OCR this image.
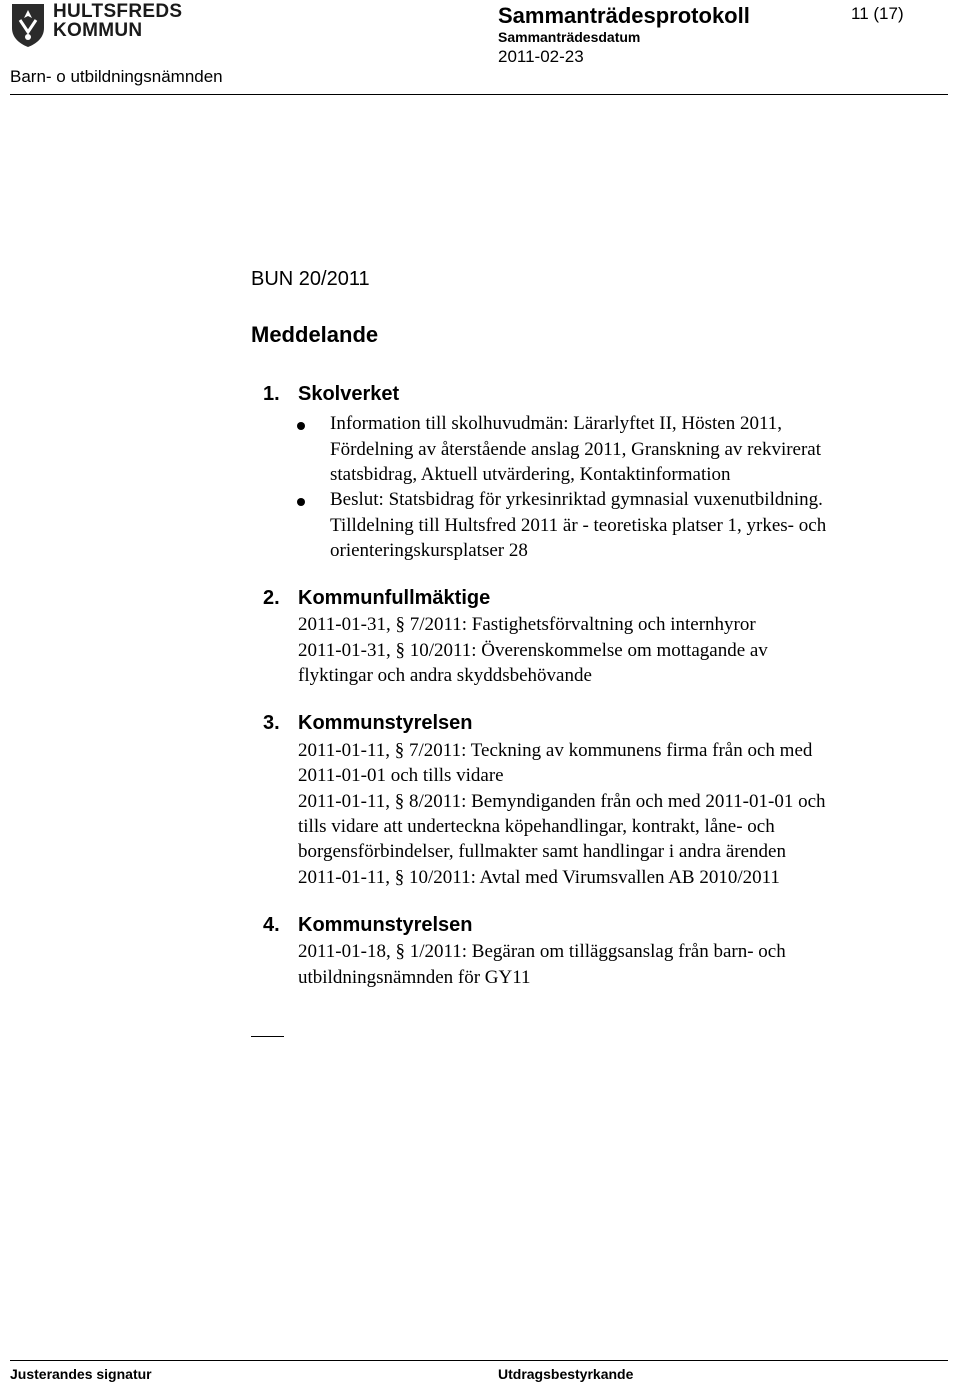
HULTSFREDS
KOMMUN
Sammanträdesprotokoll
Sammanträdesdatum
2011-02-23
11 (17)
Barn- o utbildningsnämnden
BUN 20/2011
Meddelande
1. Skolverket
Information till skolhuvudmän: Lärarlyftet II, Hösten 2011,
Fördelning av återstående anslag 2011, Granskning av rekvirerat
statsbidrag, Aktuell utvärdering, Kontaktinformation
Beslut: Statsbidrag för yrkesinriktad gymnasial vuxenutbildning.
Tilldelning till Hultsfred 2011 är - teoretiska platser 1, yrkes- och
orienteringskursplatser 28
2. Kommunfullmäktige
2011-01-31, § 7/2011: Fastighetsförvaltning och internhyror
2011-01-31, § 10/2011: Överenskommelse om mottagande av
flyktingar och andra skyddsbehövande
3. Kommunstyrelsen
2011-01-11, § 7/2011: Teckning av kommunens firma från och med
2011-01-01 och tills vidare
2011-01-11, § 8/2011: Bemyndiganden från och med 2011-01-01 och
tills vidare att underteckna köpehandlingar, kontrakt, låne- och
borgensförbindelser, fullmakter samt handlingar i andra ärenden
2011-01-11, § 10/2011: Avtal med Virumsvallen AB 2010/2011
4. Kommunstyrelsen
2011-01-18, § 1/2011: Begäran om tilläggsanslag från barn- och
utbildningsnämnden för GY11
Justerandes signatur	Utdragsbestyrkande
